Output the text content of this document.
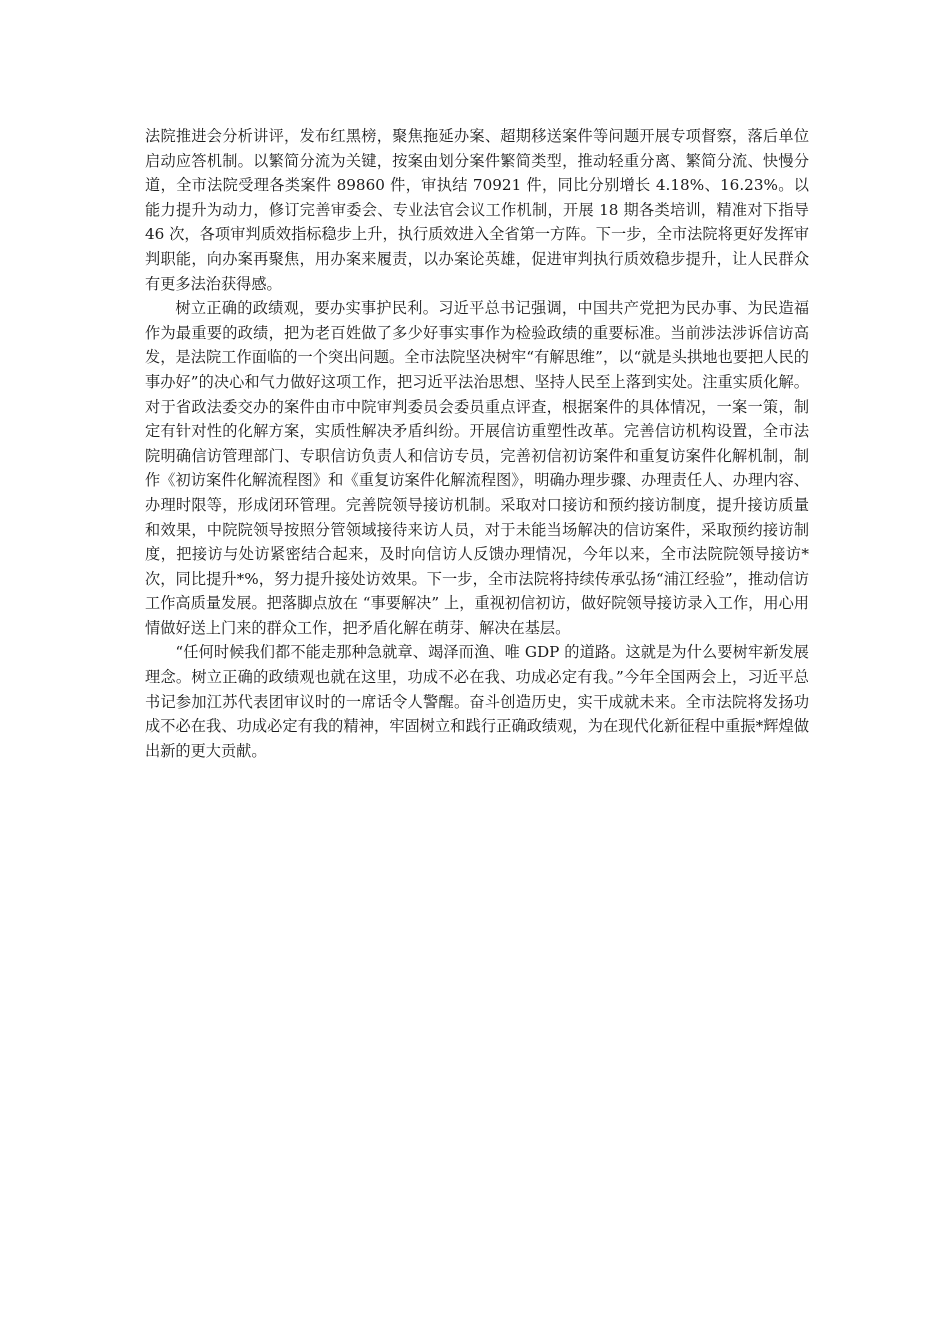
法院推进会分析讲评，发布红黑榜，聚焦拖延办案、超期移送案件等问题开展专项督察，落后单位启动应答机制。以繁简分流为关键，按案由划分案件繁简类型，推动轻重分离、繁简分流、快慢分道，全市法院受理各类案件 89860 件，审执结 70921 件，同比分别增长 4.18%、16.23%。以能力提升为动力，修订完善审委会、专业法官会议工作机制，开展 18 期各类培训，精准对下指导 46 次，各项审判质效指标稳步上升，执行质效进入全省第一方阵。下一步，全市法院将更好发挥审判职能，向办案再聚焦，用办案来履责，以办案论英雄，促进审判执行质效稳步提升，让人民群众有更多法治获得感。

树立正确的政绩观，要办实事护民利。习近平总书记强调，中国共产党把为民办事、为民造福作为最重要的政绩，把为老百姓做了多少好事实事作为检验政绩的重要标准。当前涉法涉诉信访高发，是法院工作面临的一个突出问题。全市法院坚决树牢“有解思维”，以“就是头拱地也要把人民的事办好”的决心和气力做好这项工作，把习近平法治思想、坚持人民至上落到实处。注重实质化解。对于省政法委交办的案件由市中院审判委员会委员重点评查，根据案件的具体情况，一案一策，制定有针对性的化解方案，实质性解决矛盾纠纷。开展信访重塑性改革。完善信访机构设置，全市法院明确信访管理部门、专职信访负责人和信访专员，完善初信初访案件和重复访案件化解机制，制作《初访案件化解流程图》和《重复访案件化解流程图》，明确办理步骤、办理责任人、办理内容、办理时限等，形成闭环管理。完善院领导接访机制。采取对口接访和预约接访制度，提升接访质量和效果，中院院领导按照分管领域接待来访人员，对于未能当场解决的信访案件，采取预约接访制度，把接访与处访紧密结合起来，及时向信访人反馈办理情况，今年以来，全市法院院领导接访*次，同比提升*%，努力提升接处访效果。下一步，全市法院将持续传承弘扬“浦江经验”，推动信访工作高质量发展。把落脚点放在 “事要解决” 上，重视初信初访，做好院领导接访录入工作，用心用情做好送上门来的群众工作，把矛盾化解在萌芽、解决在基层。

“任何时候我们都不能走那种急就章、竭泽而渔、唯 GDP 的道路。这就是为什么要树牢新发展理念。树立正确的政绩观也就在这里，功成不必在我、功成必定有我。”今年全国两会上，习近平总书记参加江苏代表团审议时的一席话令人警醒。奋斗创造历史，实干成就未来。全市法院将发扬功成不必在我、功成必定有我的精神，牢固树立和践行正确政绩观，为在现代化新征程中重振*辉煌做出新的更大贡献。
